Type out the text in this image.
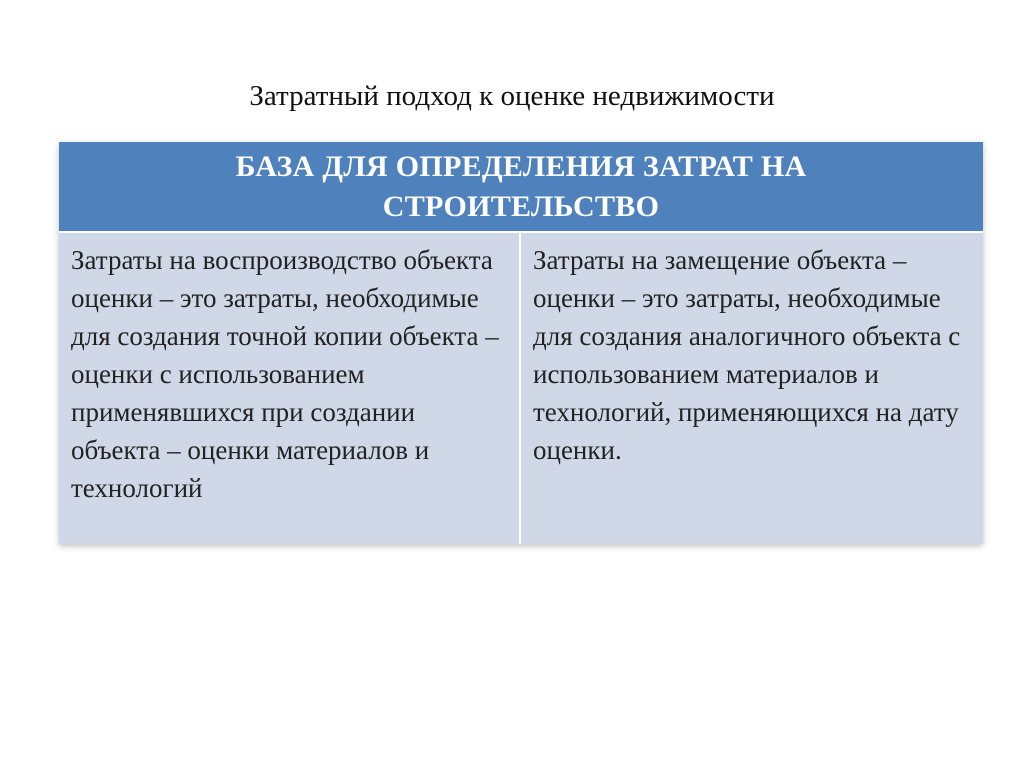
Затратный подход к оценке недвижимости
БАЗА ДЛЯ ОПРЕДЕЛЕНИЯ ЗАТРАТ НА СТРОИТЕЛЬСТВО
Затраты на воспроизводство объекта оценки – это затраты, необходимые для создания точной копии объекта – оценки с использованием применявшихся при создании объекта – оценки материалов и технологий
Затраты на замещение объекта – оценки – это затраты, необходимые для создания аналогичного объекта с использованием материалов и технологий, применяющихся на дату оценки.
